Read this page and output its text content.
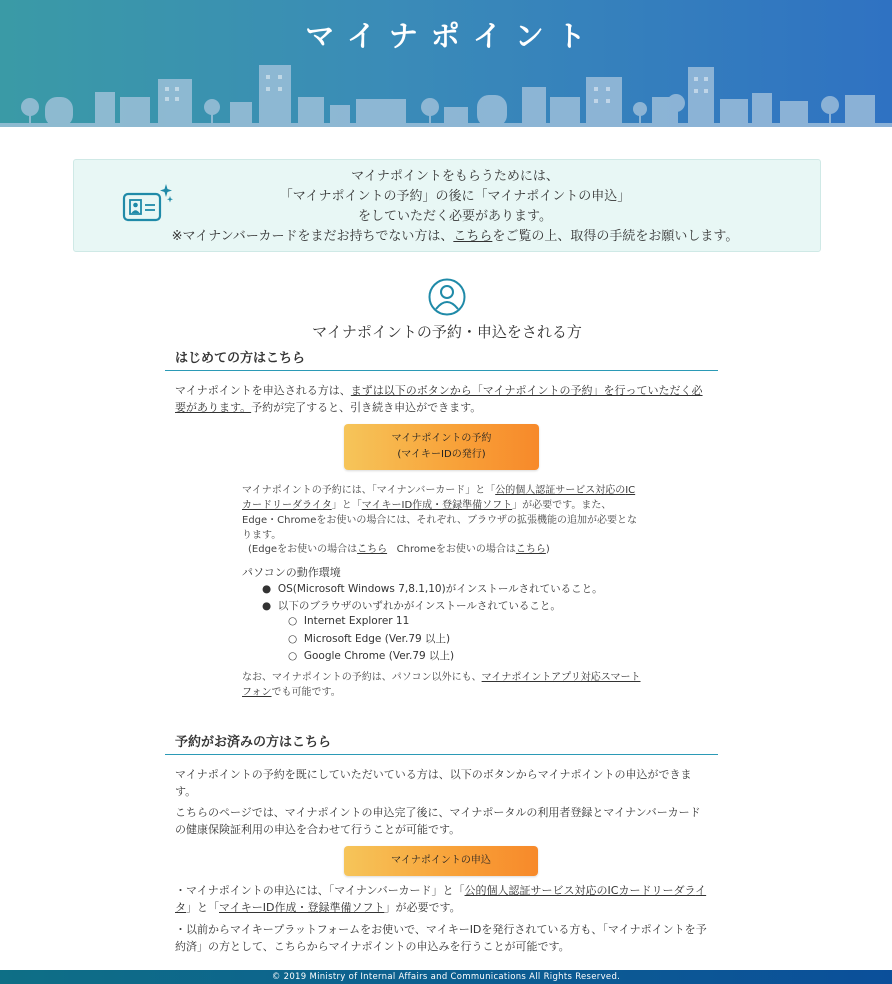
マイナポイント
マイナポイントをもらうためには、
「マイナポイントの予約」の後に「マイナポイントの申込」
をしていただく必要があります。
※マイナンバーカードをまだお持ちでない方は、こちらをご覧の上、取得の手続をお願いします。
マイナポイントの予約・申込をされる方
はじめての方はこちら
マイナポイントを申込される方は、まずは以下のボタンから「マイナポイントの予約」を行っていただく必要があります。予約が完了すると、引き続き申込ができます。
マイナポイントの予約
(マイキーIDの発行)
マイナポイントの予約には、「マイナンバーカード」と「公的個人認証サービス対応のICカードリーダライタ」と「マイキーID作成・登録準備ソフト」が必要です。また、Edge・Chromeをお使いの場合には、それぞれ、ブラウザの拡張機能の追加が必要となります。
(Edgeをお使いの場合はこちら Chromeをお使いの場合はこちら)
パソコンの動作環境
●  OS(Microsoft Windows 7,8.1,10)がインストールされていること。
●  以下のブラウザのいずれかがインストールされていること。
○  Internet Explorer 11
○  Microsoft Edge (Ver.79 以上)
○  Google Chrome (Ver.79 以上)
なお、マイナポイントの予約は、パソコン以外にも、マイナポイントアプリ対応スマートフォンでも可能です。
予約がお済みの方はこちら
マイナポイントの予約を既にしていただいている方は、以下のボタンからマイナポイントの申込ができます。
こちらのページでは、マイナポイントの申込完了後に、マイナポータルの利用者登録とマイナンバーカードの健康保険証利用の申込を合わせて行うことが可能です。
マイナポイントの申込
・マイナポイントの申込には、「マイナンバーカード」と「公的個人認証サービス対応のICカードリーダライタ」と「マイキーID作成・登録準備ソフト」が必要です。
・以前からマイキープラットフォームをお使いで、マイキーIDを発行されている方も、「マイナポイントを予約済」の方として、こちらからマイナポイントの申込みを行うことが可能です。
© 2019 Ministry of Internal Affairs and Communications All Rights Reserved.
